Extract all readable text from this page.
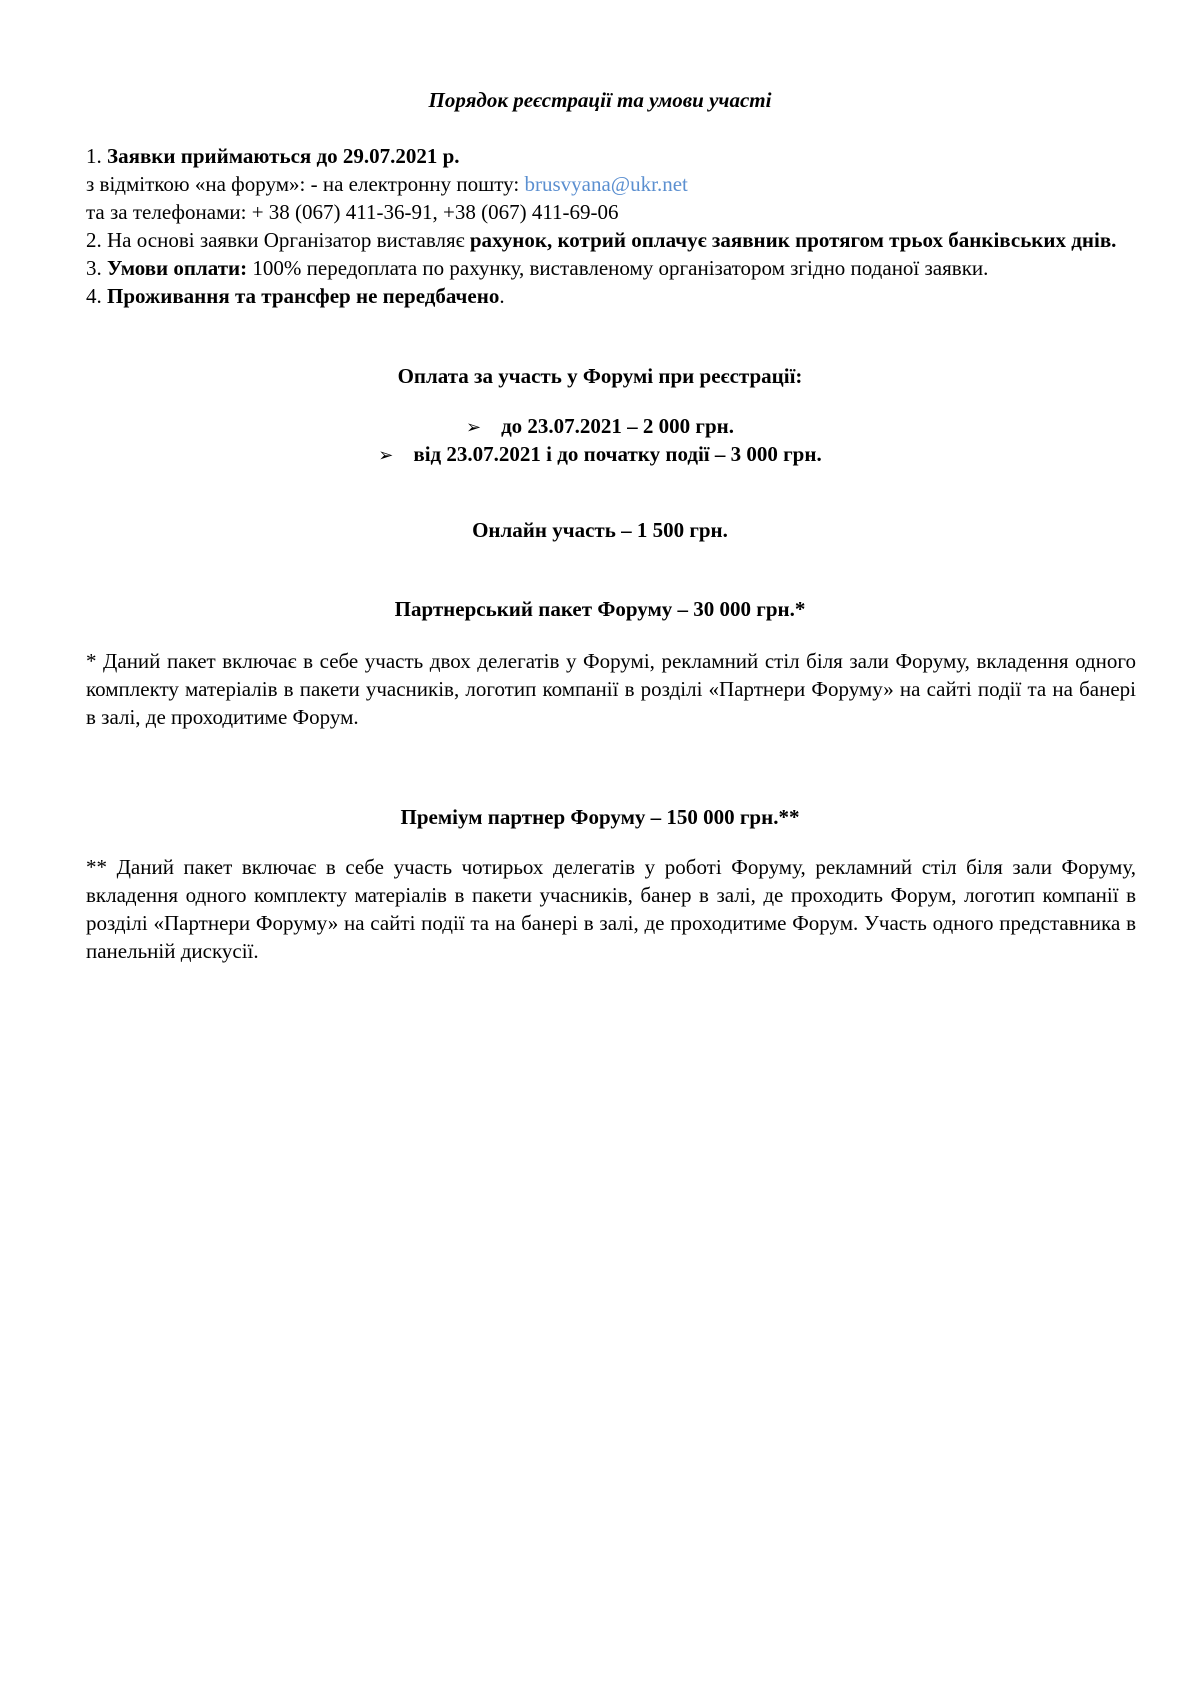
Порядок реєстрації та умови участі
1. Заявки приймаються до 29.07.2021 р.
з відміткою «на форум»: - на електронну пошту: brusvyana@ukr.net
та за телефонами: + 38 (067) 411-36-91, +38 (067) 411-69-06
2. На основі заявки Організатор виставляє рахунок, котрий оплачує заявник протягом трьох банківських днів.
3. Умови оплати: 100% передоплата по рахунку, виставленому організатором згідно поданої заявки.
4. Проживання та трансфер не передбачено.
Оплата за участь у Форумі при реєстрації:
➢ до 23.07.2021 – 2 000 грн.
➢ від 23.07.2021 і до початку події – 3 000 грн.
Онлайн участь – 1 500 грн.
Партнерський пакет Форуму – 30 000 грн.*
* Даний пакет включає в себе участь двох делегатів у Форумі, рекламний стіл біля зали Форуму, вкладення одного комплекту матеріалів в пакети учасників, логотип компанії в розділі «Партнери Форуму» на сайті події та на банері в залі, де проходитиме Форум.
Преміум партнер Форуму – 150 000 грн.**
** Даний пакет включає в себе участь чотирьох делегатів у роботі Форуму, рекламний стіл біля зали Форуму, вкладення одного комплекту матеріалів в пакети учасників, банер в залі, де проходить Форум, логотип компанії в розділі «Партнери Форуму» на сайті події та на банері в залі, де проходитиме Форум. Участь одного представника в панельній дискусії.
